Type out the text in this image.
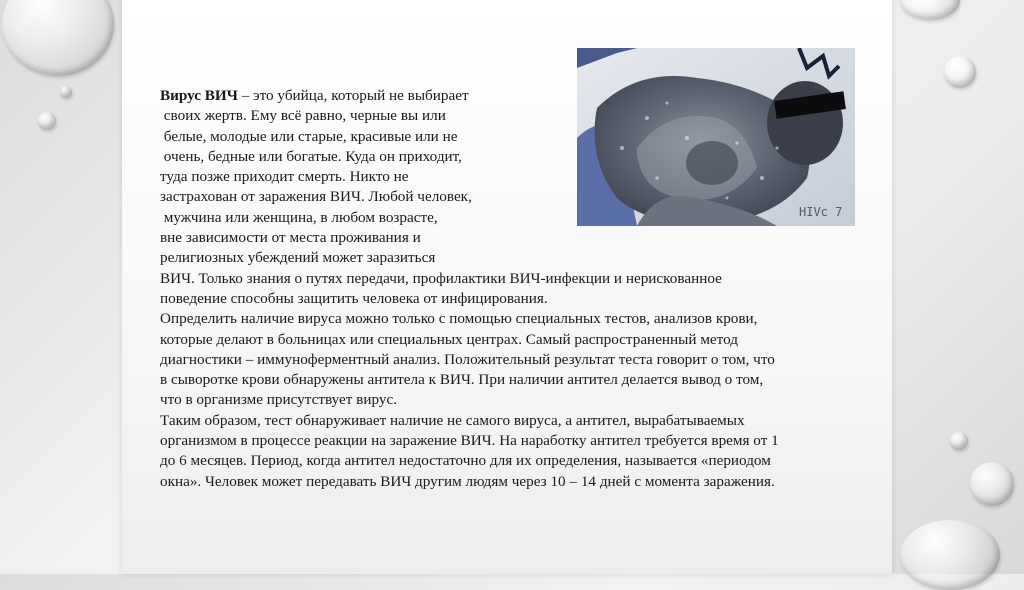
HIVc 7
Вирус ВИЧ – это убийца, который не выбирает
своих жертв. Ему всё равно, черные вы или
белые, молодые или старые, красивые или не
очень, бедные или богатые. Куда он приходит,
туда позже приходит смерть. Никто не
застрахован от заражения ВИЧ. Любой человек,
мужчина или женщина, в любом возрасте,
вне зависимости от места проживания и
религиозных убеждений может заразиться
ВИЧ. Только знания о путях передачи, профилактики ВИЧ-инфекции и нерискованное
поведение способны защитить человека от инфицирования.
Определить наличие вируса можно только с помощью специальных тестов, анализов крови,
которые делают в больницах или специальных центрах. Самый распространенный метод
диагностики – иммуноферментный анализ. Положительный результат теста говорит о том, что
в сыворотке крови обнаружены антитела к ВИЧ. При наличии антител делается вывод о том,
что в организме присутствует вирус.
Таким образом, тест обнаруживает наличие не самого вируса, а антител, вырабатываемых
организмом в процессе реакции на заражение ВИЧ. На наработку антител требуется время от 1
до 6 месяцев. Период, когда антител недостаточно для их определения, называется «периодом
окна». Человек может передавать ВИЧ другим людям через 10 – 14 дней с момента заражения.
